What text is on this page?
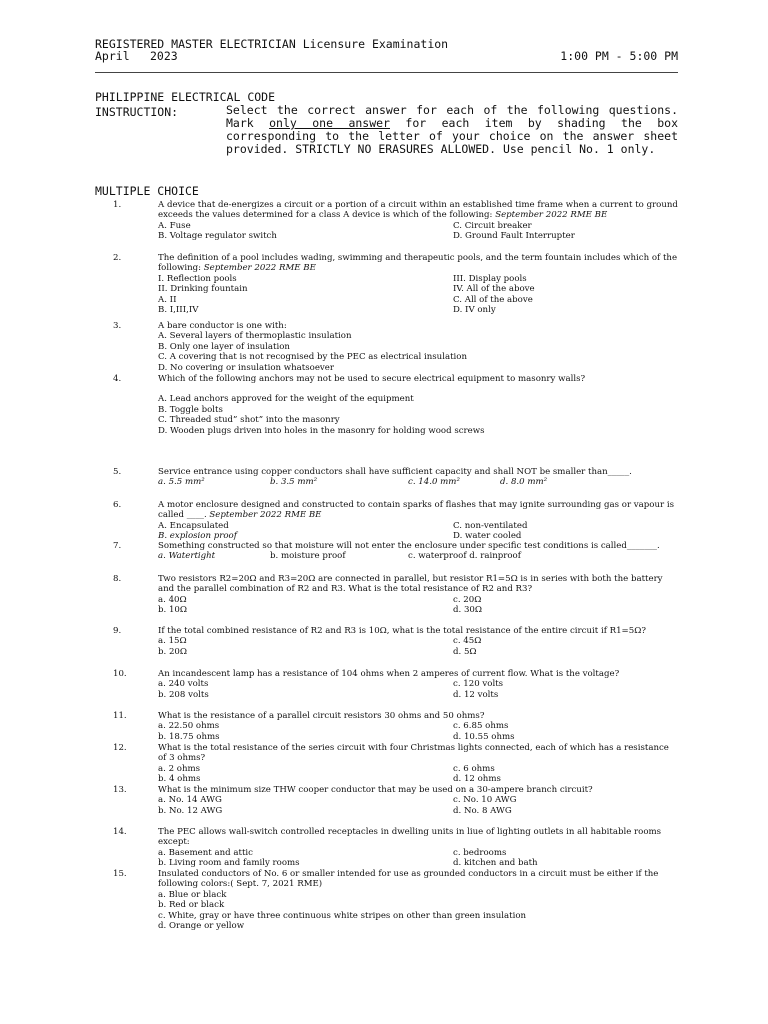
REGISTERED MASTER ELECTRICIAN Licensure Examination
April 2023	1:00 PM - 5:00 PM
PHILIPPINE ELECTRICAL CODE
INSTRUCTION:	Select the correct answer for each of the following questions. Mark only one answer for each item by shading the box corresponding to the letter of your choice on the answer sheet provided. STRICTLY NO ERASURES ALLOWED. Use pencil No. 1 only.
MULTIPLE CHOICE
1.	A device that de-energizes a circuit or a portion of a circuit within an established time frame when a current to ground exceeds the values determined for a class A device is which of the following: September 2022 RME BE
A. Fuse	C. Circuit breaker
B. Voltage regulator switch	D. Ground Fault Interrupter
2.	The definition of a pool includes wading, swimming and therapeutic pools, and the term fountain includes which of the following: September 2022 RME BE
I. Reflection pools	III. Display pools
II. Drinking fountain	IV. All of the above
A. II	C. All of the above
B. I,III,IV	D. IV only
3.	A bare conductor is one with:
A. Several layers of thermoplastic insulation
B. Only one layer of insulation
C. A covering that is not recognised by the PEC as electrical insulation
D. No covering or insulation whatsoever
4.	Which of the following anchors may not be used to secure electrical equipment to masonry walls?
A. Lead anchors approved for the weight of the equipment
B. Toggle bolts
C. Threaded stud” shot” into the masonry
D. Wooden plugs driven into holes in the masonry for holding wood screws
5.	Service entrance using copper conductors shall have sufficient capacity and shall NOT be smaller than_____.
a. 5.5 mm²	b. 3.5 mm²	c. 14.0 mm²	d. 8.0 mm²
6.	A motor enclosure designed and constructed to contain sparks of flashes that may ignite surrounding gas or vapour is called ____. September 2022 RME BE
A. Encapsulated	C. non-ventilated
B. explosion proof	D. water cooled
7.	Something constructed so that moisture will not enter the enclosure under specific test conditions is called_______.
a. Watertight	b. moisture proof	c. waterproof d. rainproof
8.	Two resistors R2=20Ω and R3=20Ω are connected in parallel, but resistor R1=5Ω is in series with both the battery and the parallel combination of R2 and R3. What is the total resistance of R2 and R3?
a. 40Ω	c. 20Ω
b. 10Ω	d. 30Ω
9.	If the total combined resistance of R2 and R3 is 10Ω, what is the total resistance of the entire circuit if R1=5Ω?
a. 15Ω	c. 45Ω
b. 20Ω	d. 5Ω
10.	An incandescent lamp has a resistance of 104 ohms when 2 amperes of current flow. What is the voltage?
a. 240 volts	c. 120 volts
b. 208 volts	d. 12 volts
11.	What is the resistance of a parallel circuit resistors 30 ohms and 50 ohms?
a. 22.50 ohms	c. 6.85 ohms
b. 18.75 ohms	d. 10.55 ohms
12.	What is the total resistance of the series circuit with four Christmas lights connected, each of which has a resistance of 3 ohms?
a. 2 ohms	c. 6 ohms
b. 4 ohms	d. 12 ohms
13.	What is the minimum size THW cooper conductor that may be used on a 30-ampere branch circuit?
a. No. 14 AWG	c. No. 10 AWG
b. No. 12 AWG	d. No. 8 AWG
14.	The PEC allows wall-switch controlled receptacles in dwelling units in liue of lighting outlets in all habitable rooms except:
a. Basement and attic	c. bedrooms
b. Living room and family rooms	d. kitchen and bath
15.	Insulated conductors of No. 6 or smaller intended for use as grounded conductors in a circuit must be either if the following colors:( Sept. 7, 2021 RME)
a. Blue or black
b. Red or black
c. White, gray or have three continuous white stripes on other than green insulation
d. Orange or yellow
